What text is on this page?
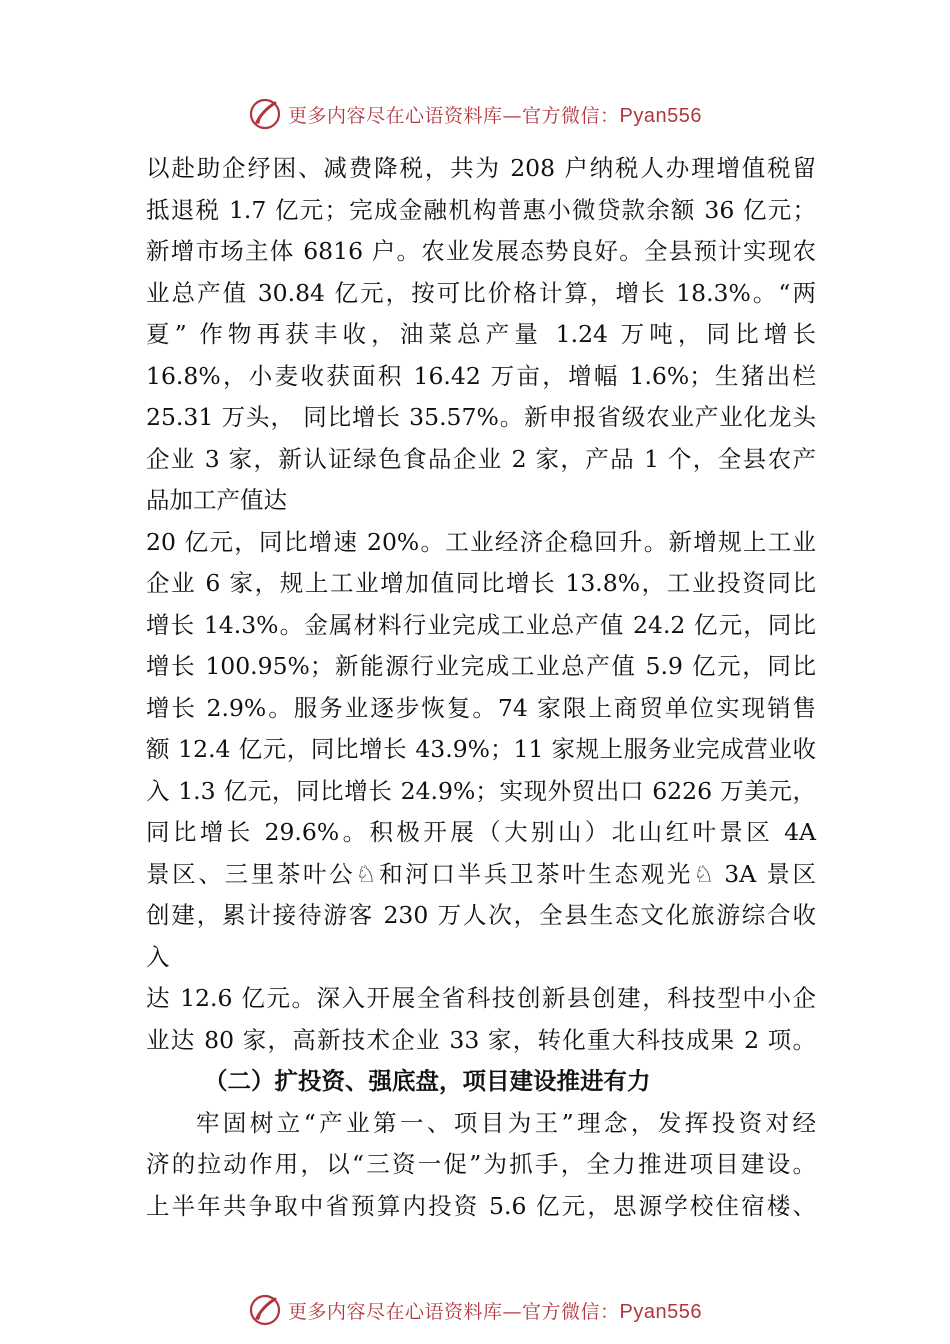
更多内容尽在心语资料库—官方微信：Pyan556
以赴助企纾困、减费降税，共为 208 户纳税人办理增值税留
抵退税 1.7 亿元；完成金融机构普惠小微贷款余额 36 亿元；
新增市场主体 6816 户。农业发展态势良好。全县预计实现农
业总产值 30.84 亿元，按可比价格计算，增长 18.3%。“两
夏” 作物再获丰收，油菜总产量 1.24 万吨，同比增长
16.8%，小麦收获面积 16.42 万亩，增幅 1.6%；生猪出栏
25.31 万头， 同比增长 35.57%。新申报省级农业产业化龙头
企业 3 家，新认证绿色食品企业 2 家，产品 1 个，全县农产
品加工产值达
20 亿元，同比增速 20%。工业经济企稳回升。新增规上工业
企业 6 家，规上工业增加值同比增长 13.8%，工业投资同比
增长 14.3%。金属材料行业完成工业总产值 24.2 亿元，同比
增长 100.95%；新能源行业完成工业总产值 5.9 亿元，同比
增长 2.9%。服务业逐步恢复。74 家限上商贸单位实现销售
额 12.4 亿元，同比增长 43.9%；11 家规上服务业完成营业收
入 1.3 亿元，同比增长 24.9%；实现外贸出口 6226 万美元，
同比增长 29.6%。积极开展（大别山）北山红叶景区 4A
景区、三里茶叶公♘和河口半兵卫茶叶生态观光♘ 3A 景区
创建，累计接待游客 230 万人次，全县生态文化旅游综合收
入
达 12.6 亿元。深入开展全省科技创新县创建，科技型中小企
业达 80 家，高新技术企业 33 家，转化重大科技成果 2 项。
（二）扩投资、强底盘，项目建设推进有力
牢固树立“产业第一、项目为王”理念，发挥投资对经
济的拉动作用，以“三资一促”为抓手，全力推进项目建设。
上半年共争取中省预算内投资 5.6 亿元，思源学校住宿楼、
更多内容尽在心语资料库—官方微信：Pyan556
